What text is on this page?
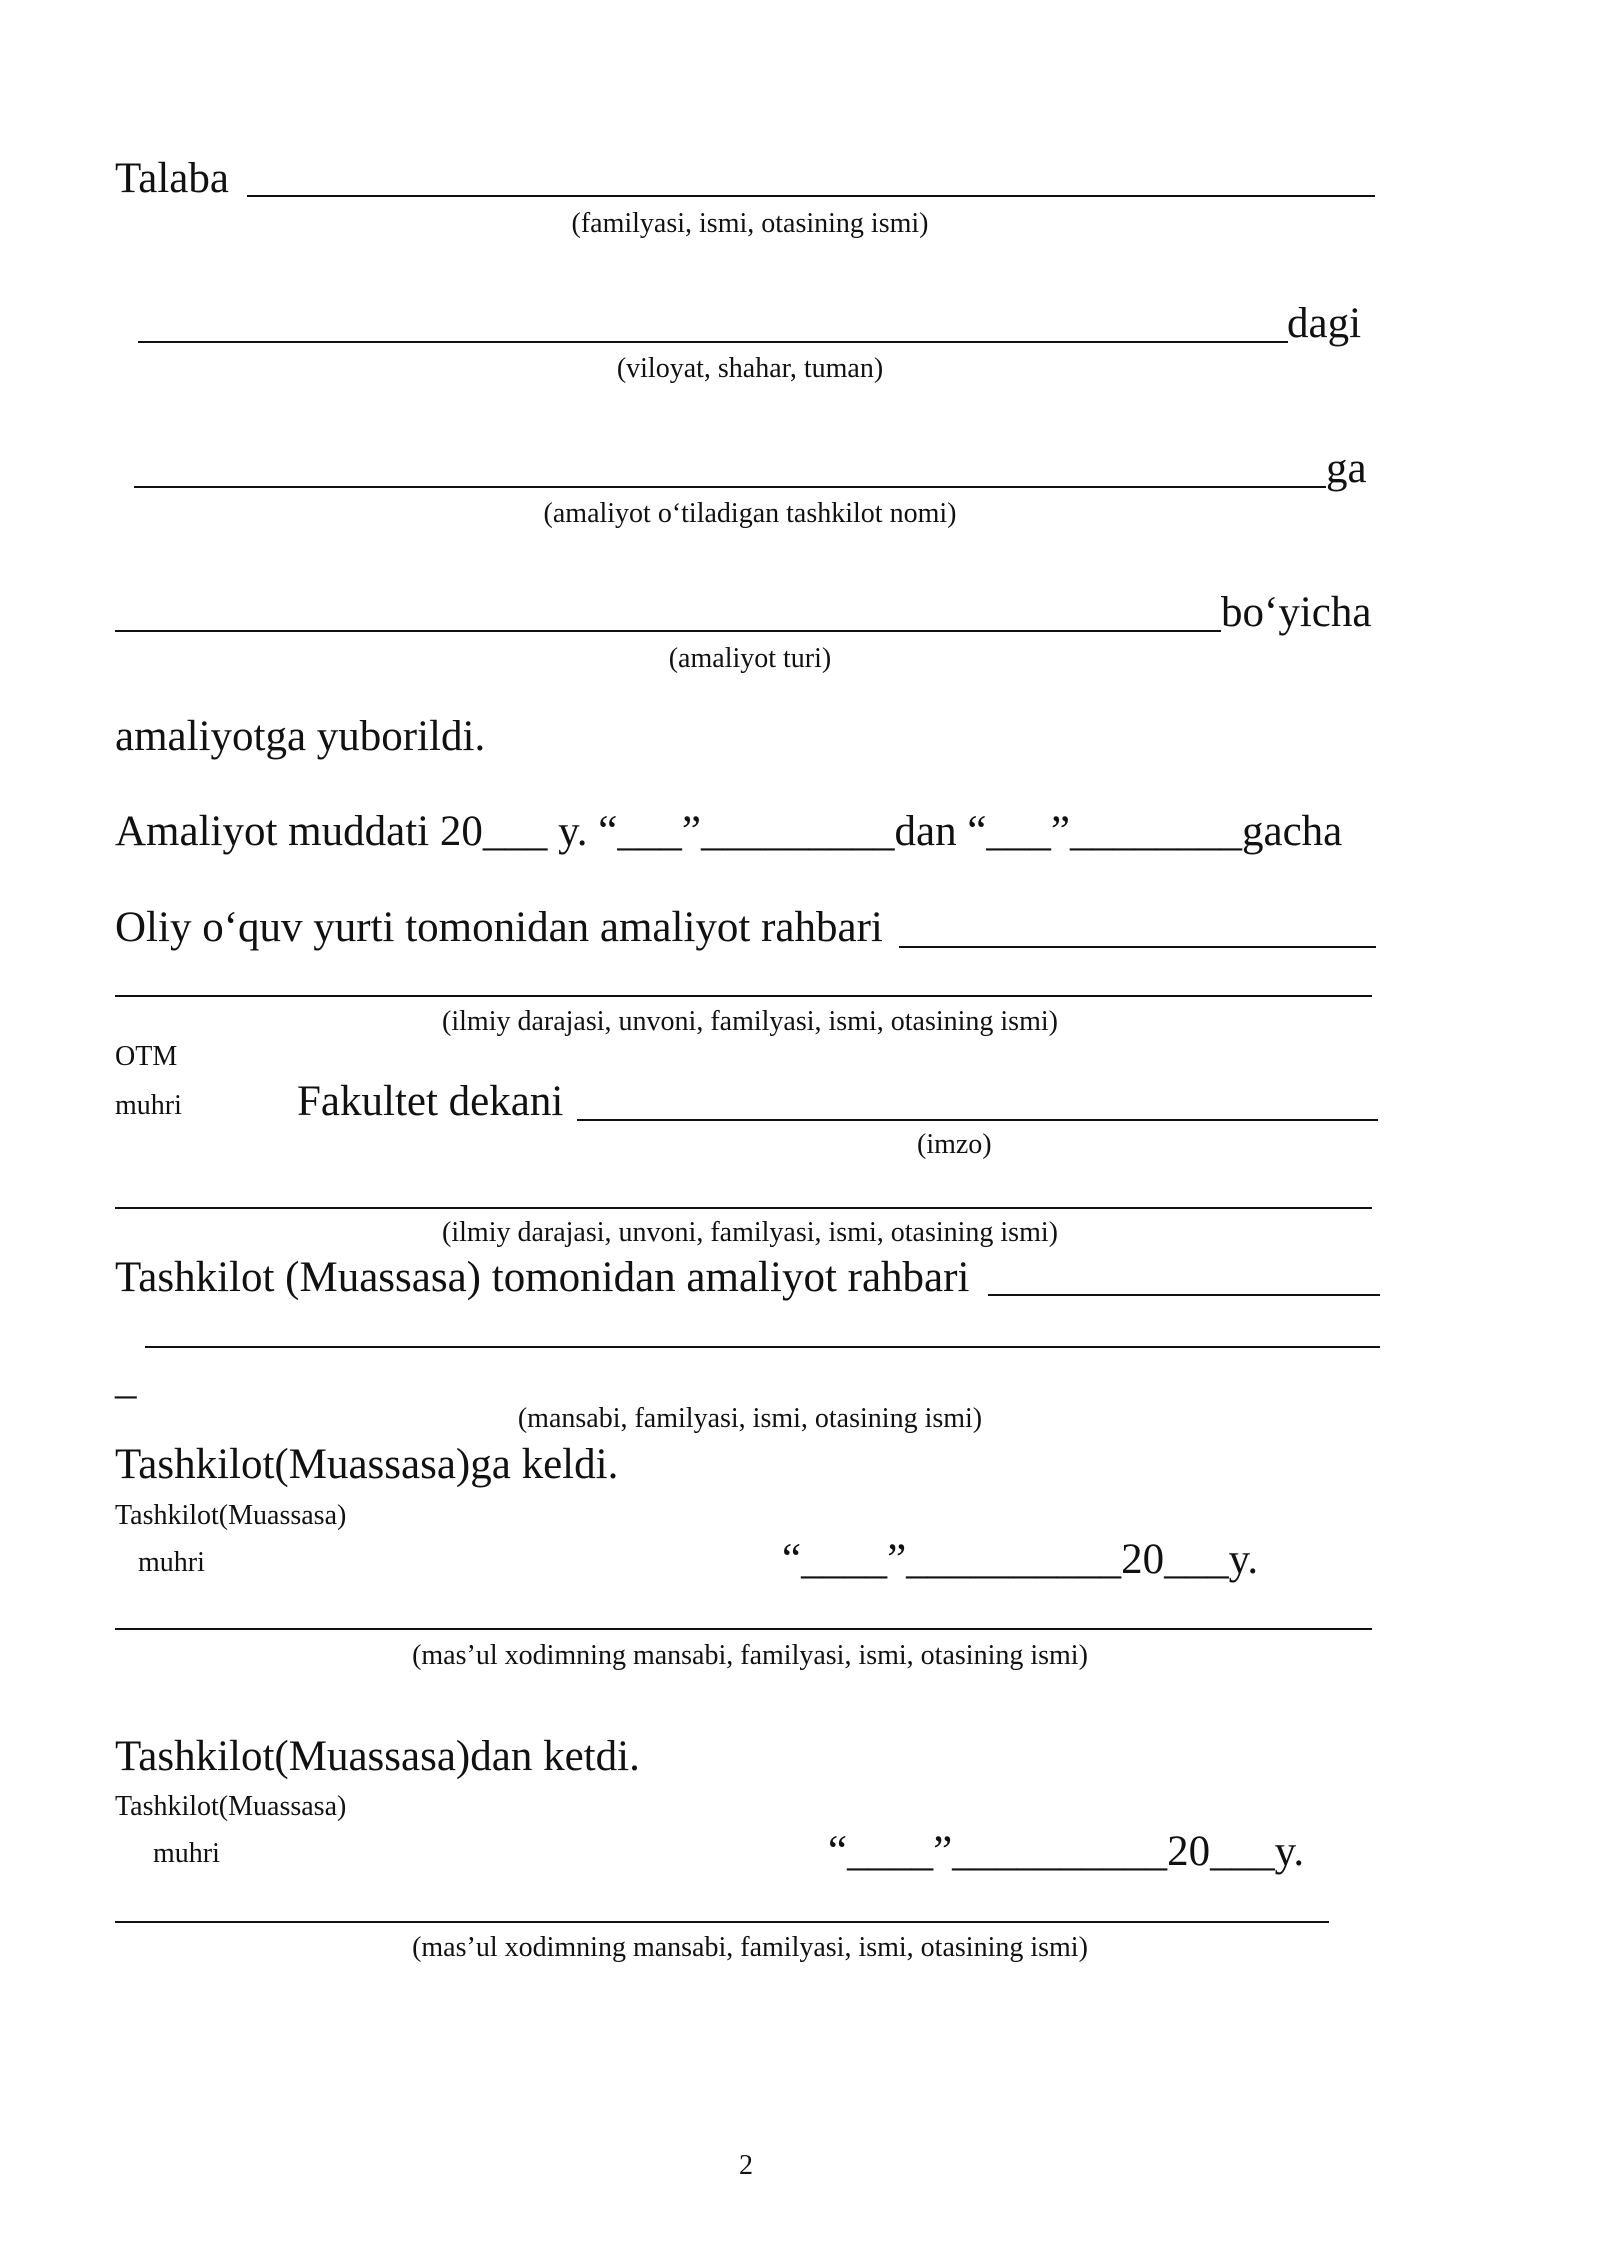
Talaba
(familyasi, ismi, otasining ismi)
dagi
(viloyat, shahar, tuman)
ga
(amaliyot o‘tiladigan tashkilot nomi)
bo‘yicha
(amaliyot turi)
amaliyotga yuborildi.
Amaliyot muddati 20___ y. “___”_________dan “___”________gacha
Oliy o‘quv yurti tomonidan amaliyot rahbari
(ilmiy darajasi, unvoni, familyasi, ismi, otasining ismi)
OTM
muhri	Fakultet dekani
(imzo)
(ilmiy darajasi, unvoni, familyasi, ismi, otasining ismi)
Tashkilot (Muassasa) tomonidan amaliyot rahbari
_
(mansabi, familyasi, ismi, otasining ismi)
Tashkilot(Muassasa)ga keldi.
Tashkilot(Muassasa)
muhri	“____”__________20___y.
(mas’ul xodimning mansabi, familyasi, ismi, otasining ismi)
Tashkilot(Muassasa)dan ketdi.
Tashkilot(Muassasa)
muhri	“____”__________20___y.
(mas’ul xodimning mansabi, familyasi, ismi, otasining ismi)
2
